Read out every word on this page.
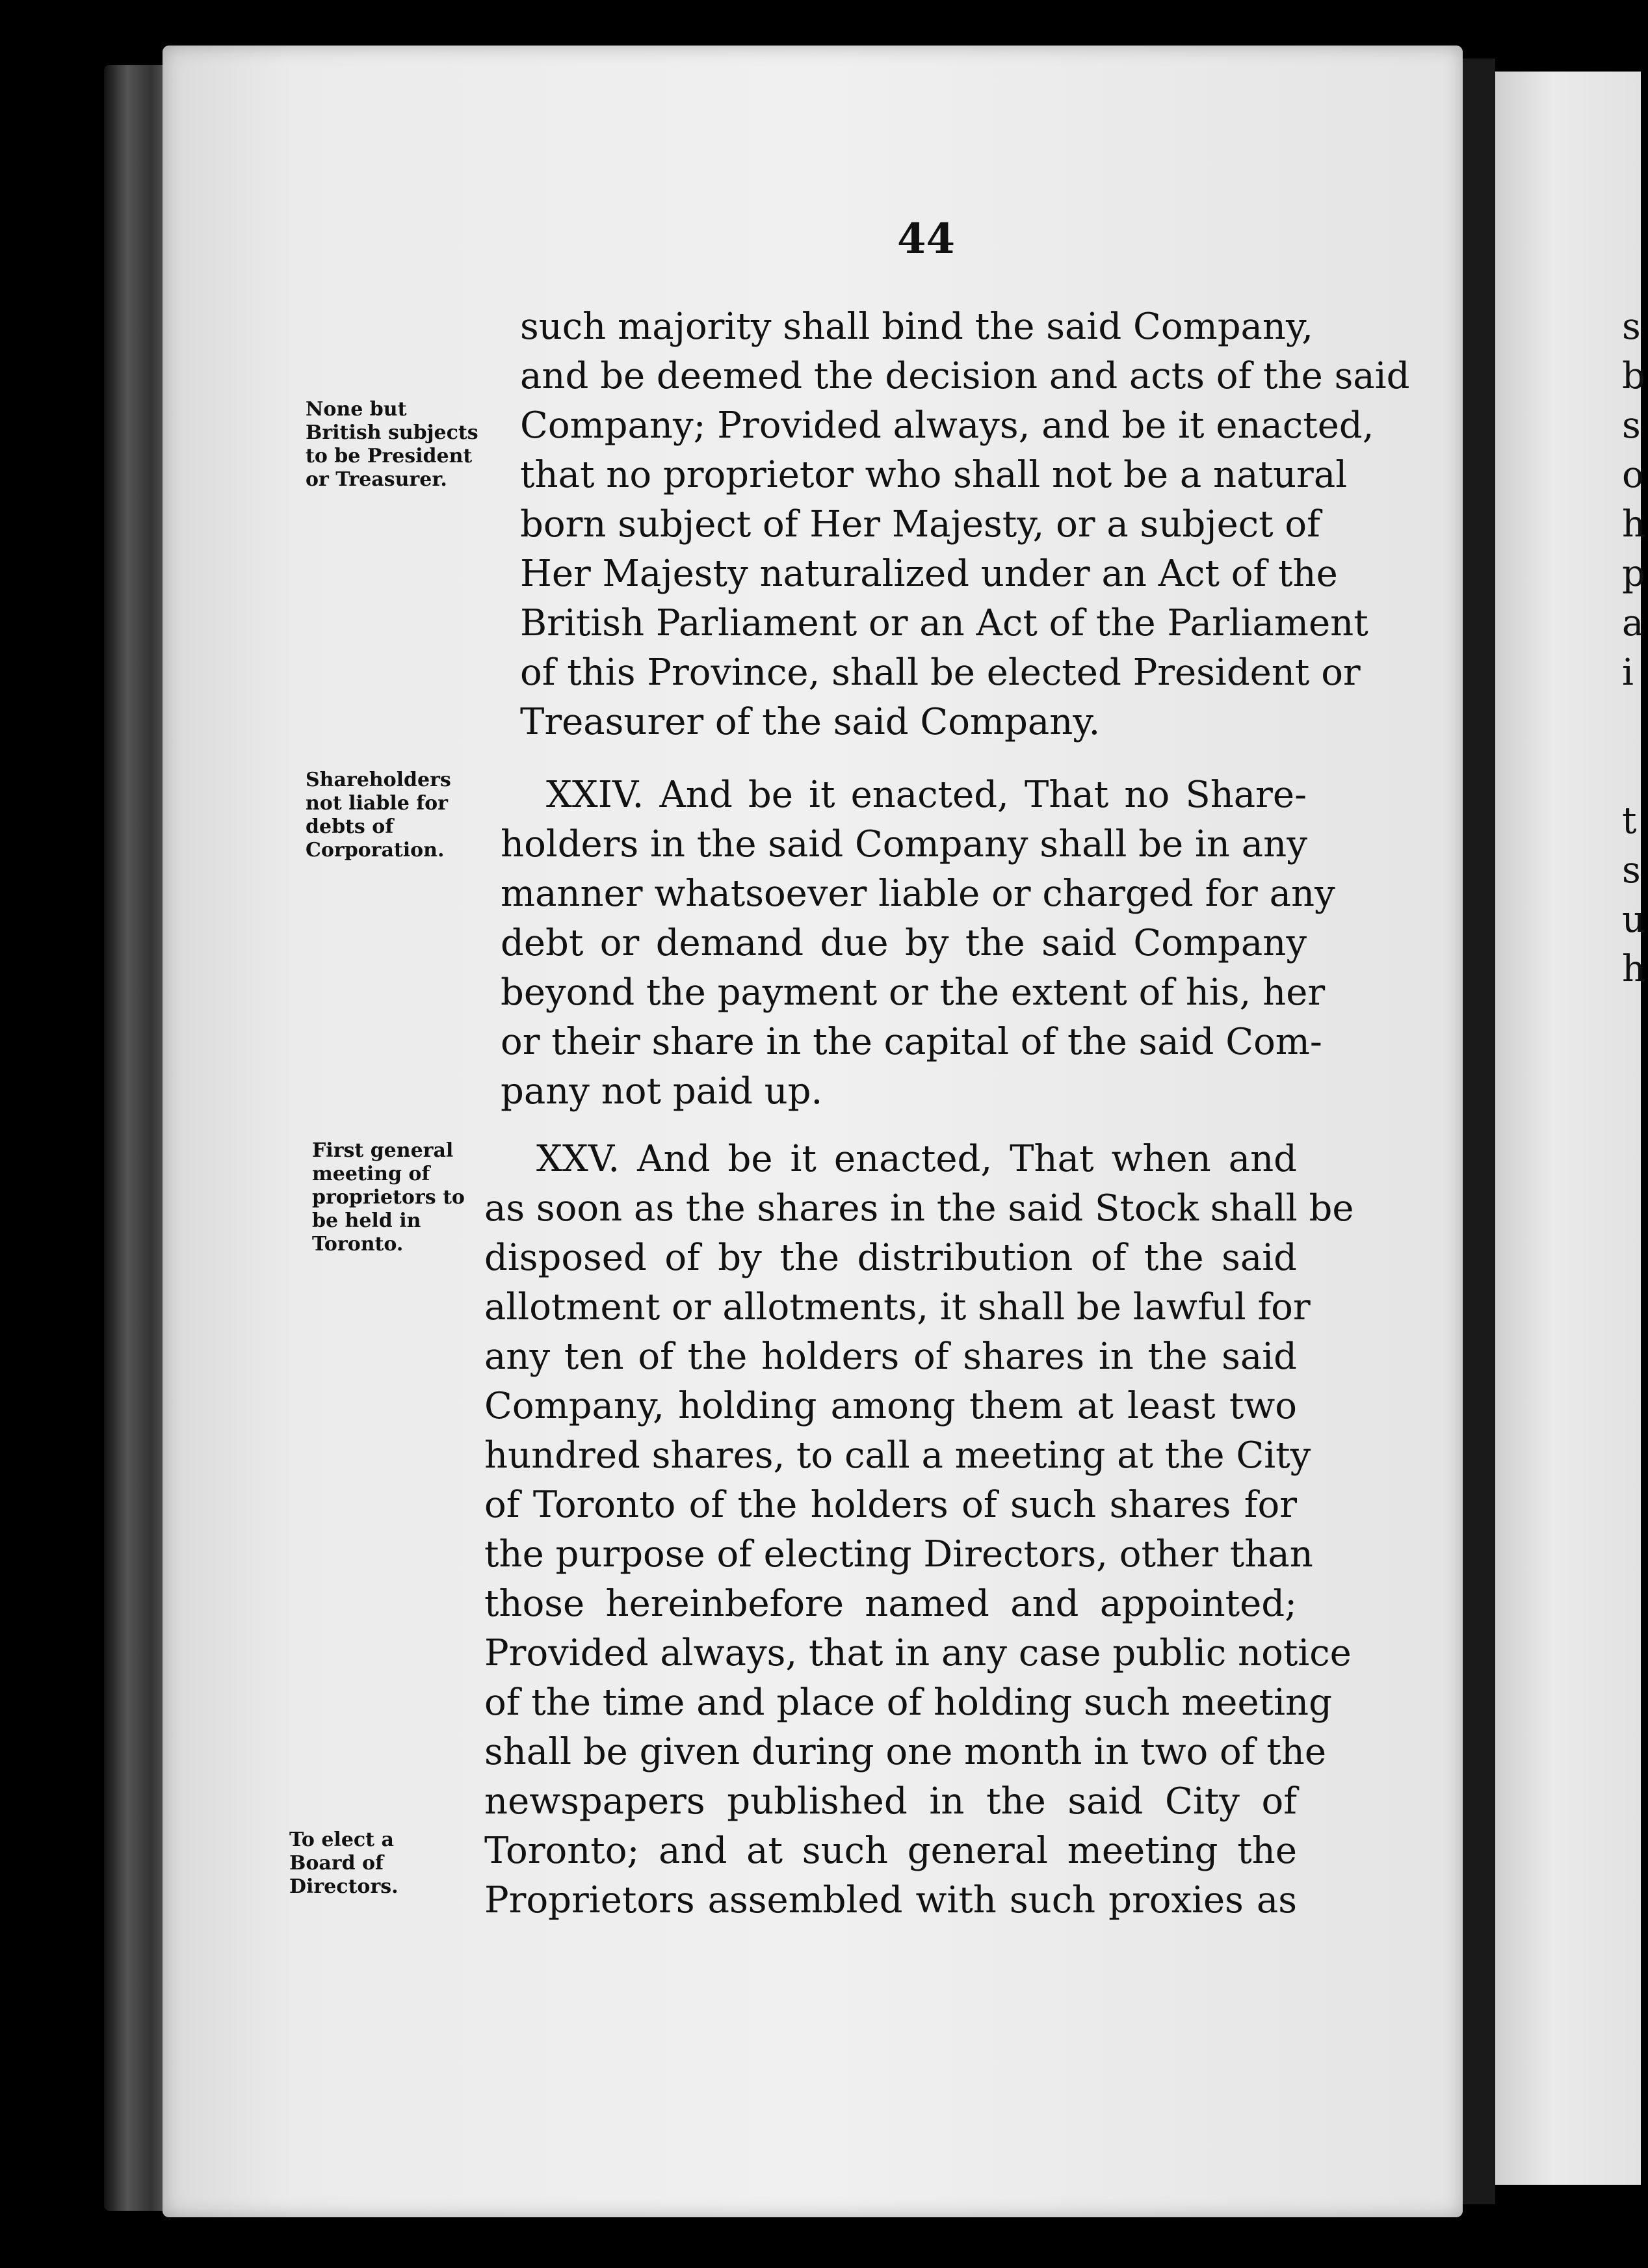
44
None but British subjects to be President or Treasurer.
Shareholders not liable for debts of Corporation.
First general meeting of proprietors to be held in Toronto.
To elect a Board of Directors.
such majority shall bind the said Company,
and be deemed the decision and acts of the said
Company; Provided always, and be it enacted,
that no proprietor who shall not be a natural
born subject of Her Majesty, or a subject of
Her Majesty naturalized under an Act of the
British Parliament or an Act of the Parliament
of this Province, shall be elected President or
Treasurer of the said Company.
XXIV. And be it enacted, That no Share-
holders in the said Company shall be in any
manner whatsoever liable or charged for any
debt or demand due by the said Company
beyond the payment or the extent of his, her
or their share in the capital of the said Com-
pany not paid up.
XXV. And be it enacted, That when and
as soon as the shares in the said Stock shall be
disposed of by the distribution of the said
allotment or allotments, it shall be lawful for
any ten of the holders of shares in the said
Company, holding among them at least two
hundred shares, to call a meeting at the City
of Toronto of the holders of such shares for
the purpose of electing Directors, other than
those hereinbefore named and appointed;
Provided always, that in any case public notice
of the time and place of holding such meeting
shall be given during one month in two of the
newspapers published in the said City of
Toronto; and at such general meeting the
Proprietors assembled with such proxies as
s
b
s
o
h
p
a
i

t
s
u
h
